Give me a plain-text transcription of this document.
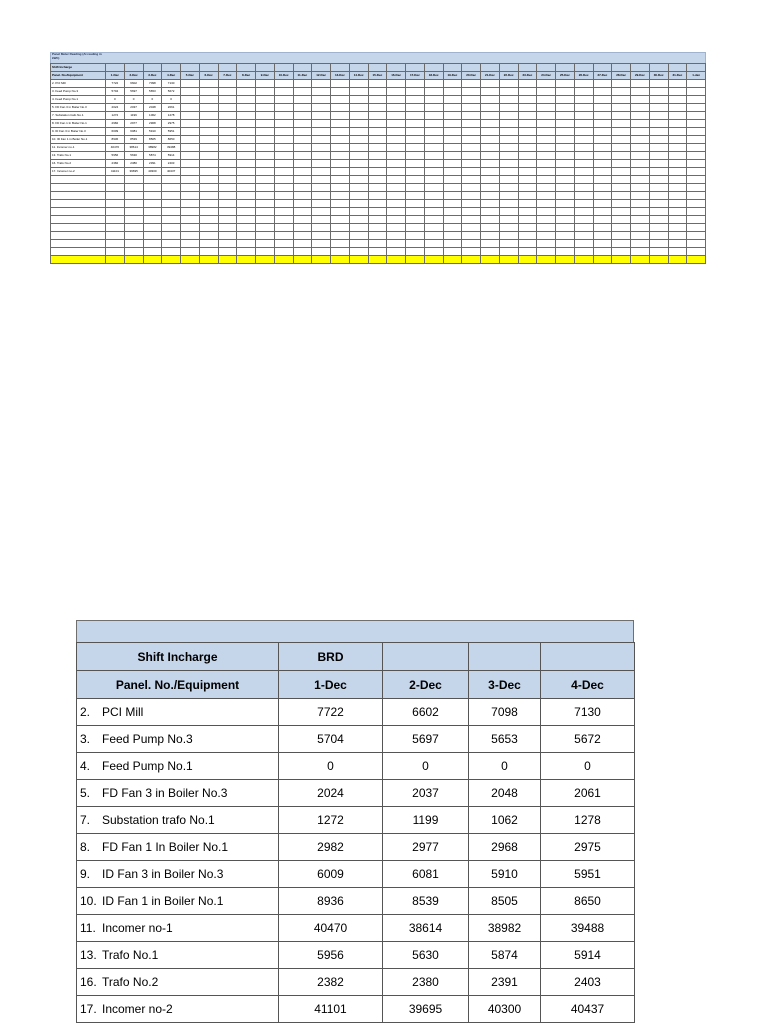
Panel Meter Reading (At reading in kWh)
Shift Incharge																																
Panel. No./Equipment	1-Dec	2-Dec	3-Dec	4-Dec	5-Dec	6-Dec	7-Dec	8-Dec	9-Dec	10-Dec	11-Dec	12-Dec	13-Dec	14-Dec	15-Dec	16-Dec	17-Dec	18-Dec	19-Dec	20-Dec	21-Dec	22-Dec	23-Dec	24-Dec	25-Dec	26-Dec	27-Dec	28-Dec	29-Dec	30-Dec	31-Dec	1-Jan
2. PCI Mill	7722	6602	7098	7130																												
3. Feed Pump No.3	5704	5697	5653	5672																												
4. Feed Pump No.1	0	0	0	0																												
5. FD Fan 3 in Boiler No.3	2024	2037	2048	2061																												
7. Substation trafo No.1	1272	1199	1062	1278																												
8. FD Fan 1 In Boiler No.1	2982	2977	2968	2975																												
9. ID Fan 3 in Boiler No.3	6009	6081	5910	5951																												
10. ID Fan 1 in Boiler No.1	8936	8539	8505	8650																												
11. Incomer no-1	40470	38614	38982	39488																												
13. Trafo No.1	5956	5630	5874	5914																												
16. Trafo No.2	2382	2380	2391	2403																												
17. Incomer no-2	41101	39695	40300	40437																												

Shift Incharge	BRD			
Panel. No./Equipment	1-Dec	2-Dec	3-Dec	4-Dec
2. PCI Mill	7722	6602	7098	7130
3. Feed Pump No.3	5704	5697	5653	5672
4. Feed Pump No.1	0	0	0	0
5. FD Fan 3 in Boiler No.3	2024	2037	2048	2061
7. Substation trafo No.1	1272	1199	1062	1278
8. FD Fan 1 In Boiler No.1	2982	2977	2968	2975
9. ID Fan 3 in Boiler No.3	6009	6081	5910	5951
10. ID Fan 1 in Boiler No.1	8936	8539	8505	8650
11. Incomer no-1	40470	38614	38982	39488
13. Trafo No.1	5956	5630	5874	5914
16. Trafo No.2	2382	2380	2391	2403
17. Incomer no-2	41101	39695	40300	40437
